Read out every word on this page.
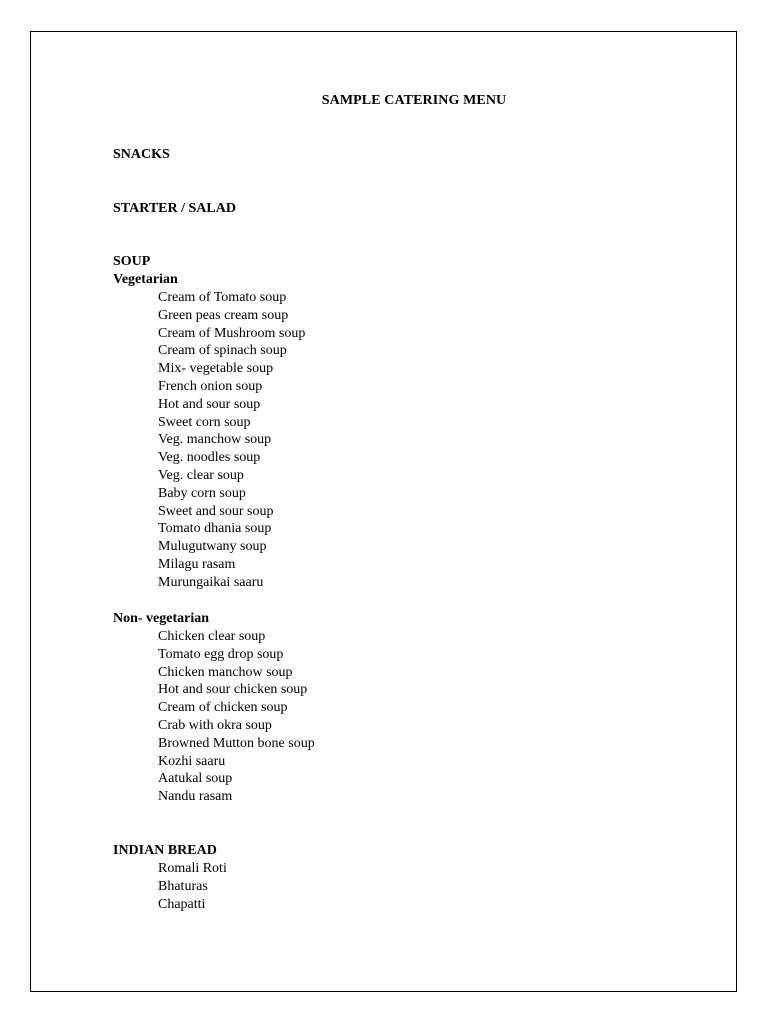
SAMPLE CATERING MENU
SNACKS
STARTER / SALAD
SOUP
Vegetarian
Cream of Tomato soup
Green peas cream soup
Cream of Mushroom soup
Cream of spinach soup
Mix- vegetable soup
French onion soup
Hot and sour soup
Sweet corn soup
Veg. manchow soup
Veg. noodles soup
Veg. clear soup
Baby corn soup
Sweet and sour soup
Tomato dhania soup
Mulugutwany soup
Milagu rasam
Murungaikai saaru
Non- vegetarian
Chicken clear soup
Tomato egg drop soup
Chicken manchow soup
Hot and sour chicken soup
Cream of chicken soup
Crab with okra soup
Browned Mutton bone soup
Kozhi saaru
Aatukal soup
Nandu rasam
INDIAN BREAD
Romali Roti
Bhaturas
Chapatti
